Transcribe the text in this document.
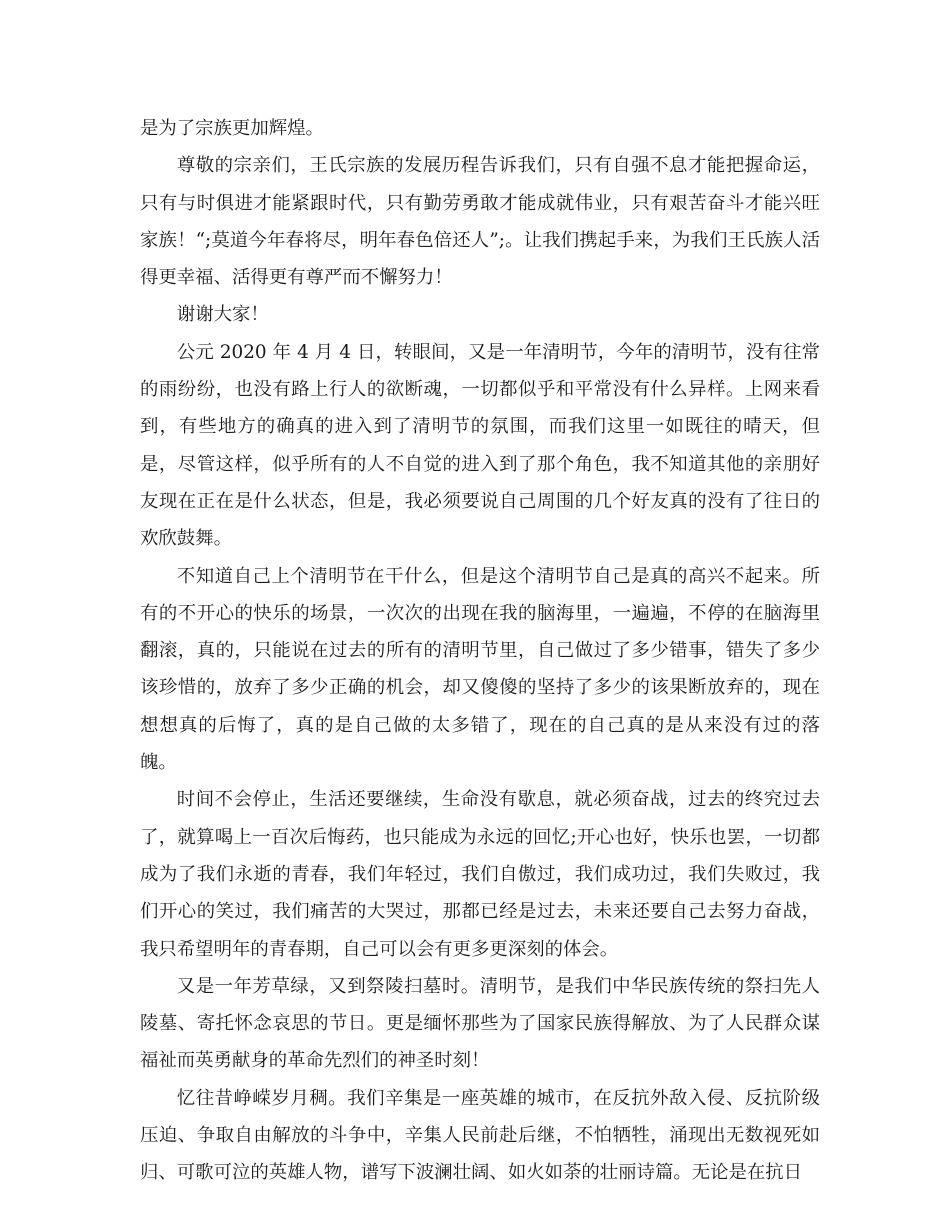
是为了宗族更加辉煌。

尊敬的宗亲们，王氏宗族的发展历程告诉我们，只有自强不息才能把握命运，只有与时俱进才能紧跟时代，只有勤劳勇敢才能成就伟业，只有艰苦奋斗才能兴旺家族！“;莫道今年春将尽，明年春色倍还人”;。让我们携起手来，为我们王氏族人活得更幸福、活得更有尊严而不懈努力！

谢谢大家！

公元 2020 年 4 月 4 日，转眼间，又是一年清明节，今年的清明节，没有往常的雨纷纷，也没有路上行人的欲断魂，一切都似乎和平常没有什么异样。上网来看到，有些地方的确真的进入到了清明节的氛围，而我们这里一如既往的晴天，但是，尽管这样，似乎所有的人不自觉的进入到了那个角色，我不知道其他的亲朋好友现在正在是什么状态，但是，我必须要说自己周围的几个好友真的没有了往日的欢欣鼓舞。

不知道自己上个清明节在干什么，但是这个清明节自己是真的高兴不起来。所有的不开心的快乐的场景，一次次的出现在我的脑海里，一遍遍，不停的在脑海里翻滚，真的，只能说在过去的所有的清明节里，自己做过了多少错事，错失了多少该珍惜的，放弃了多少正确的机会，却又傻傻的坚持了多少的该果断放弃的，现在想想真的后悔了，真的是自己做的太多错了，现在的自己真的是从来没有过的落魄。

时间不会停止，生活还要继续，生命没有歇息，就必须奋战，过去的终究过去了，就算喝上一百次后悔药，也只能成为永远的回忆;开心也好，快乐也罢，一切都成为了我们永逝的青春，我们年轻过，我们自傲过，我们成功过，我们失败过，我们开心的笑过，我们痛苦的大哭过，那都已经是过去，未来还要自己去努力奋战，我只希望明年的青春期，自己可以会有更多更深刻的体会。

又是一年芳草绿，又到祭陵扫墓时。清明节，是我们中华民族传统的祭扫先人陵墓、寄托怀念哀思的节日。更是缅怀那些为了国家民族得解放、为了人民群众谋福祉而英勇献身的革命先烈们的神圣时刻！

忆往昔峥嵘岁月稠。我们辛集是一座英雄的城市，在反抗外敌入侵、反抗阶级压迫、争取自由解放的斗争中，辛集人民前赴后继，不怕牺牲，涌现出无数视死如归、可歌可泣的英雄人物，谱写下波澜壮阔、如火如荼的壮丽诗篇。无论是在抗日
